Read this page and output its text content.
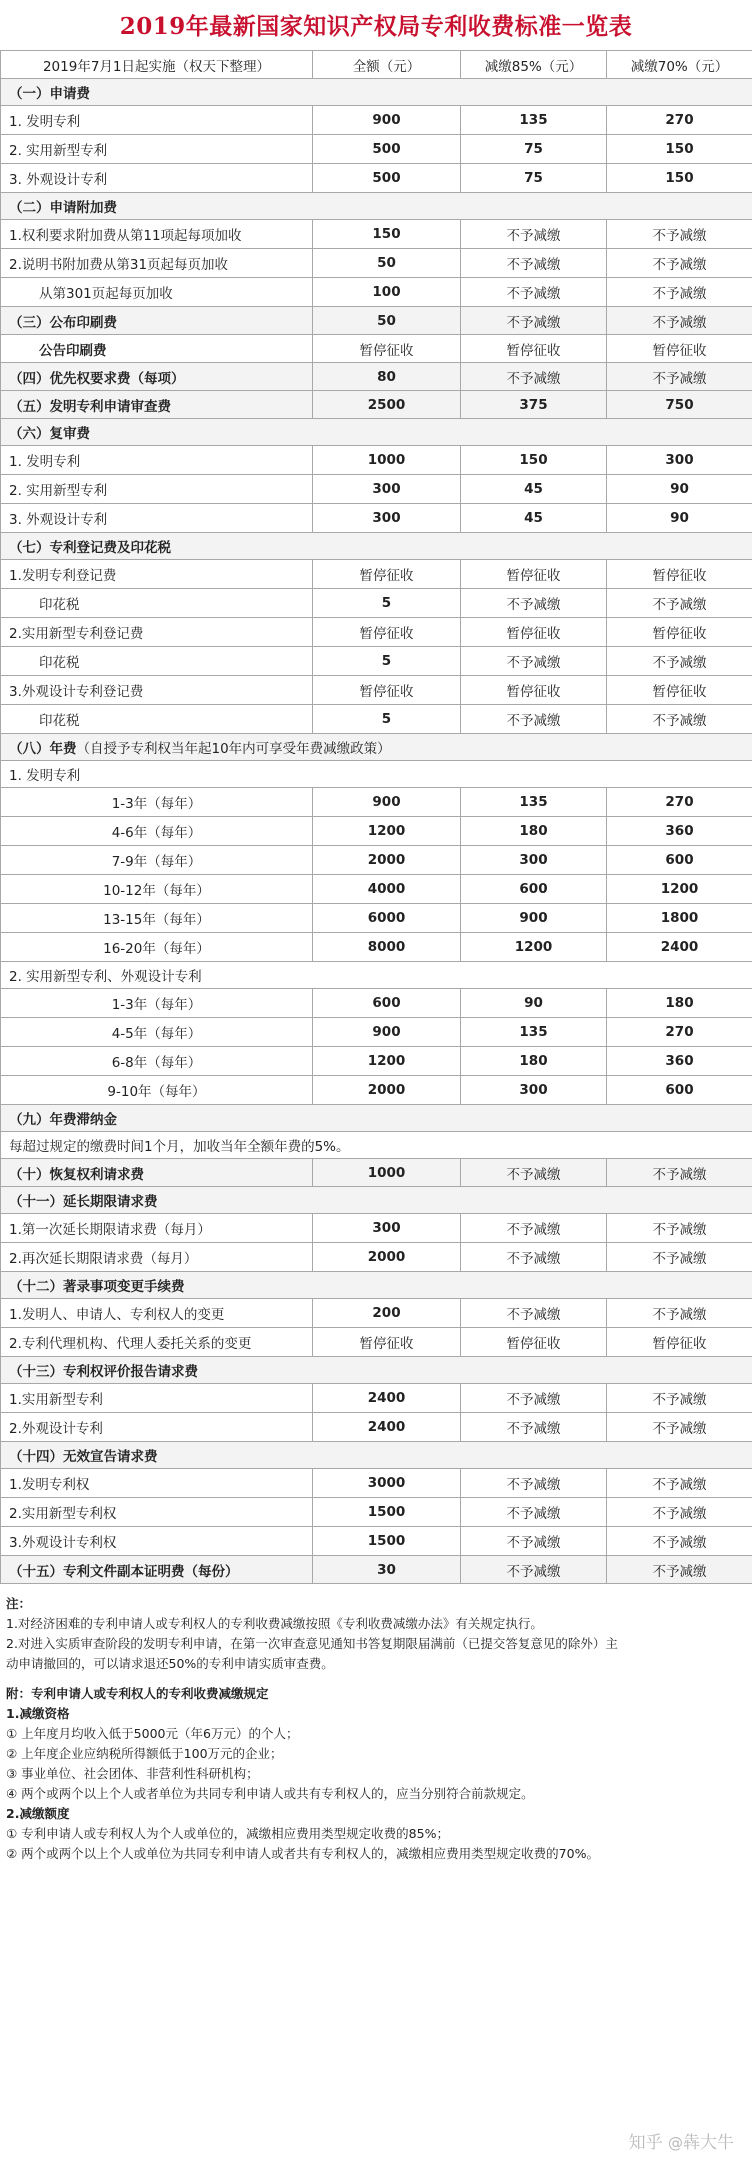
2019年最新国家知识产权局专利收费标准一览表
2019年7月1日起实施（权天下整理）	全额（元）	减缴85%（元）	减缴70%（元）
（一）申请费			
1. 发明专利	900	135	270
2. 实用新型专利	500	75	150
3. 外观设计专利	500	75	150
（二）申请附加费			
1.权利要求附加费从第11项起每项加收	150	不予减缴	不予减缴
2.说明书附加费从第31页起每页加收	50	不予减缴	不予减缴
从第301页起每页加收	100	不予减缴	不予减缴
（三）公布印刷费	50	不予减缴	不予减缴
公告印刷费	暂停征收	暂停征收	暂停征收
（四）优先权要求费（每项）	80	不予减缴	不予减缴
（五）发明专利申请审查费	2500	375	750
（六）复审费			
1. 发明专利	1000	150	300
2. 实用新型专利	300	45	90
3. 外观设计专利	300	45	90
（七）专利登记费及印花税			
1.发明专利登记费	暂停征收	暂停征收	暂停征收
印花税	5	不予减缴	不予减缴
2.实用新型专利登记费	暂停征收	暂停征收	暂停征收
印花税	5	不予减缴	不予减缴
3.外观设计专利登记费	暂停征收	暂停征收	暂停征收
印花税	5	不予减缴	不予减缴
（八）年费（自授予专利权当年起10年内可享受年费减缴政策）			
1. 发明专利			
1-3年（每年）	900	135	270
4-6年（每年）	1200	180	360
7-9年（每年）	2000	300	600
10-12年（每年）	4000	600	1200
13-15年（每年）	6000	900	1800
16-20年（每年）	8000	1200	2400
2. 实用新型专利、外观设计专利			
1-3年（每年）	600	90	180
4-5年（每年）	900	135	270
6-8年（每年）	1200	180	360
9-10年（每年）	2000	300	600
（九）年费滞纳金			
每超过规定的缴费时间1个月，加收当年全额年费的5%。			
（十）恢复权利请求费	1000	不予减缴	不予减缴
（十一）延长期限请求费			
1.第一次延长期限请求费（每月）	300	不予减缴	不予减缴
2.再次延长期限请求费（每月）	2000	不予减缴	不予减缴
（十二）著录事项变更手续费			
1.发明人、申请人、专利权人的变更	200	不予减缴	不予减缴
2.专利代理机构、代理人委托关系的变更	暂停征收	暂停征收	暂停征收
（十三）专利权评价报告请求费			
1.实用新型专利	2400	不予减缴	不予减缴
2.外观设计专利	2400	不予减缴	不予减缴
（十四）无效宣告请求费			
1.发明专利权	3000	不予减缴	不予减缴
2.实用新型专利权	1500	不予减缴	不予减缴
3.外观设计专利权	1500	不予减缴	不予减缴
（十五）专利文件副本证明费（每份）	30	不予减缴	不予减缴
注：
1.对经济困难的专利申请人或专利权人的专利收费减缴按照《专利收费减缴办法》有关规定执行。
2.对进入实质审查阶段的发明专利申请，在第一次审查意见通知书答复期限届满前（已提交答复意见的除外）主
动申请撤回的，可以请求退还50%的专利申请实质审查费。
附：专利申请人或专利权人的专利收费减缴规定
1.减缴资格
① 上年度月均收入低于5000元（年6万元）的个人；
② 上年度企业应纳税所得额低于100万元的企业；
③ 事业单位、社会团体、非营利性科研机构；
④ 两个或两个以上个人或者单位为共同专利申请人或共有专利权人的，应当分别符合前款规定。
2.减缴额度
① 专利申请人或专利权人为个人或单位的，减缴相应费用类型规定收费的85%；
② 两个或两个以上个人或单位为共同专利申请人或者共有专利权人的，减缴相应费用类型规定收费的70%。
知乎 @犇大牛
